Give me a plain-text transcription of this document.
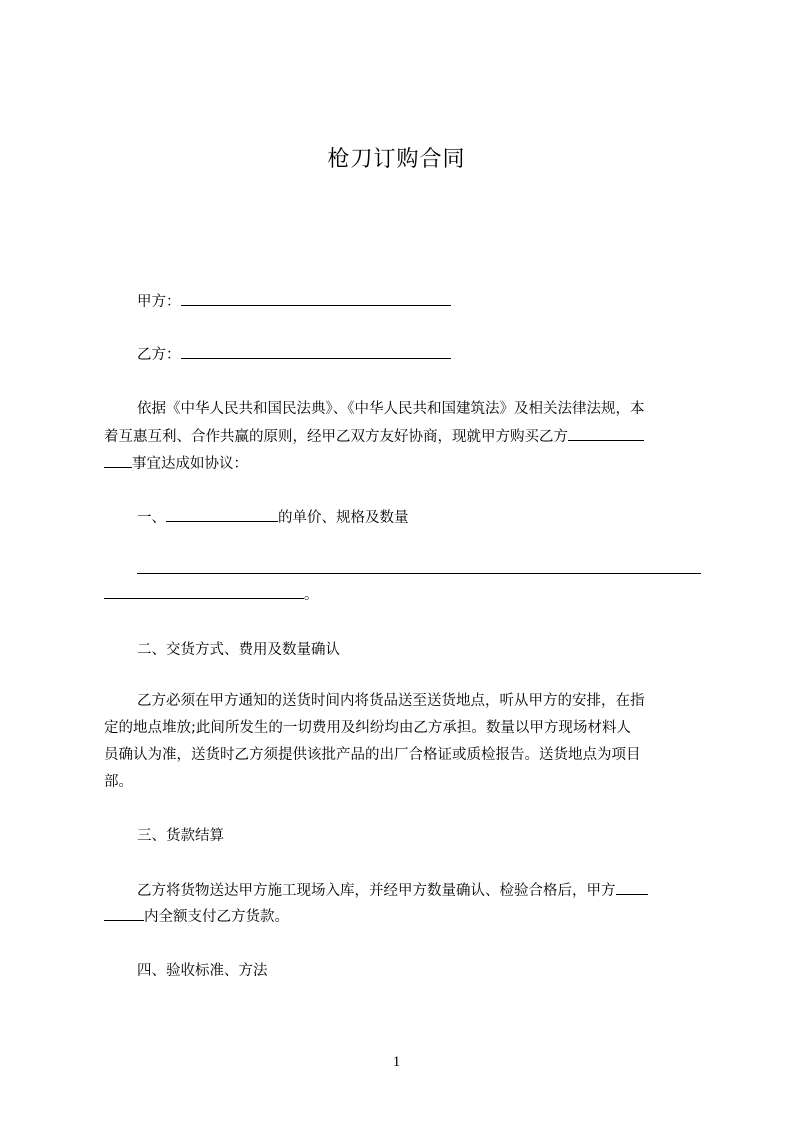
枪刀订购合同
甲方：
乙方：
依据《中华人民共和国民法典》、《中华人民共和国建筑法》及相关法律法规，本
着互惠互利、合作共赢的原则，经甲乙双方友好协商，现就甲方购买乙方
事宜达成如协议：
一、	的单价、规格及数量
。
二、交货方式、费用及数量确认
乙方必须在甲方通知的送货时间内将货品送至送货地点，听从甲方的安排，在指
定的地点堆放;此间所发生的一切费用及纠纷均由乙方承担。数量以甲方现场材料人
员确认为准，送货时乙方须提供该批产品的出厂合格证或质检报告。送货地点为项目
部。
三、货款结算
乙方将货物送达甲方施工现场入库，并经甲方数量确认、检验合格后，甲方
内全额支付乙方货款。
四、验收标准、方法
1
